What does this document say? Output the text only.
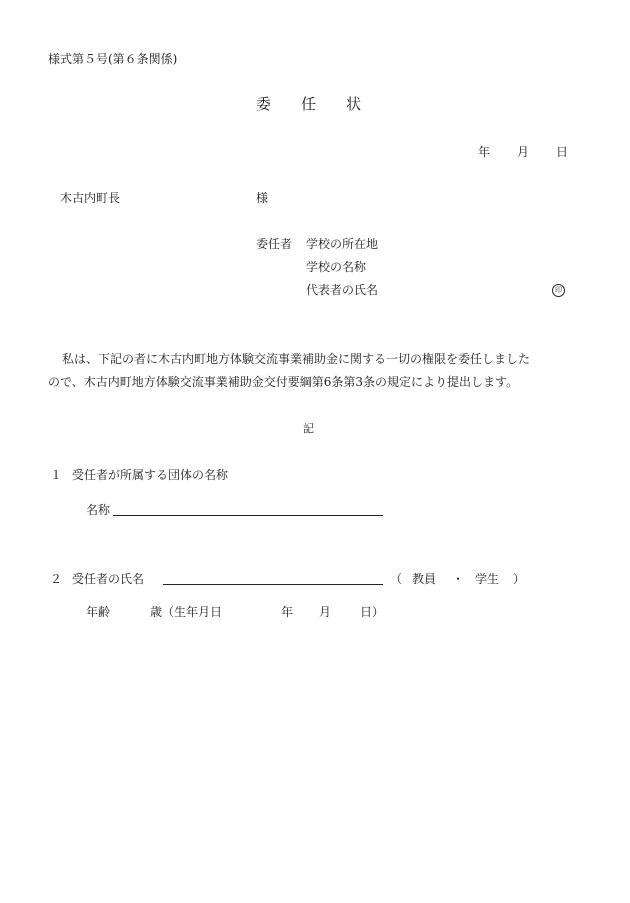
様式第５号(第６条関係)
委 任 状
年 月 日
木古内町長	様
委任者 学校の所在地
学校の名称
代表者の氏名	印
私は、下記の者に木古内町地方体験交流事業補助金に関する一切の権限を委任しました
ので、木古内町地方体験交流事業補助金交付要綱第6条第3条の規定により提出します。
記
１ 受任者が所属する団体の名称
名称
２ 受任者の氏名	（ 教員 ・ 学生 ）
年齢	歳（生年月日	年 月 日）
